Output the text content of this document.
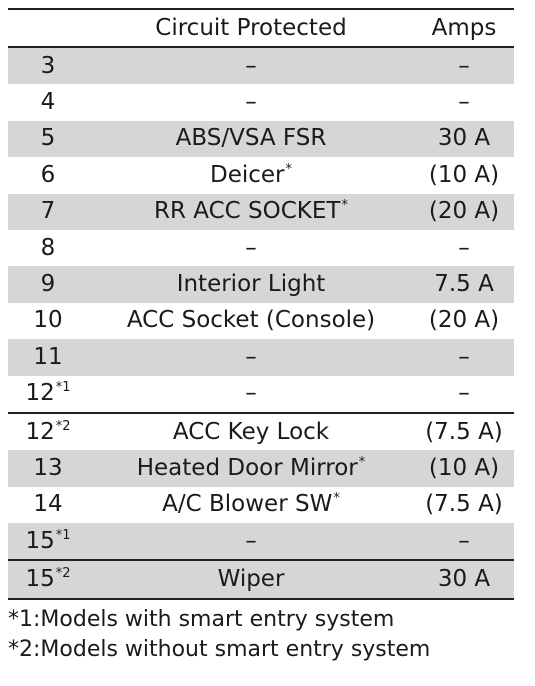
	Circuit Protected	Amps
3	–	–
4	–	–
5	ABS/VSA FSR	30 A
6	Deicer*	(10 A)
7	RR ACC SOCKET*	(20 A)
8	–	–
9	Interior Light	7.5 A
10	ACC Socket (Console)	(20 A)
11	–	–
12$^{*1}$	–	–
12$^{*2}$	ACC Key Lock	(7.5 A)
13	Heated Door Mirror*	(10 A)
14	A/C Blower SW*	(7.5 A)
15$^{*1}$	–	–
15$^{*2}$	Wiper	30 A
*1:Models with smart entry system
*2:Models without smart entry system
